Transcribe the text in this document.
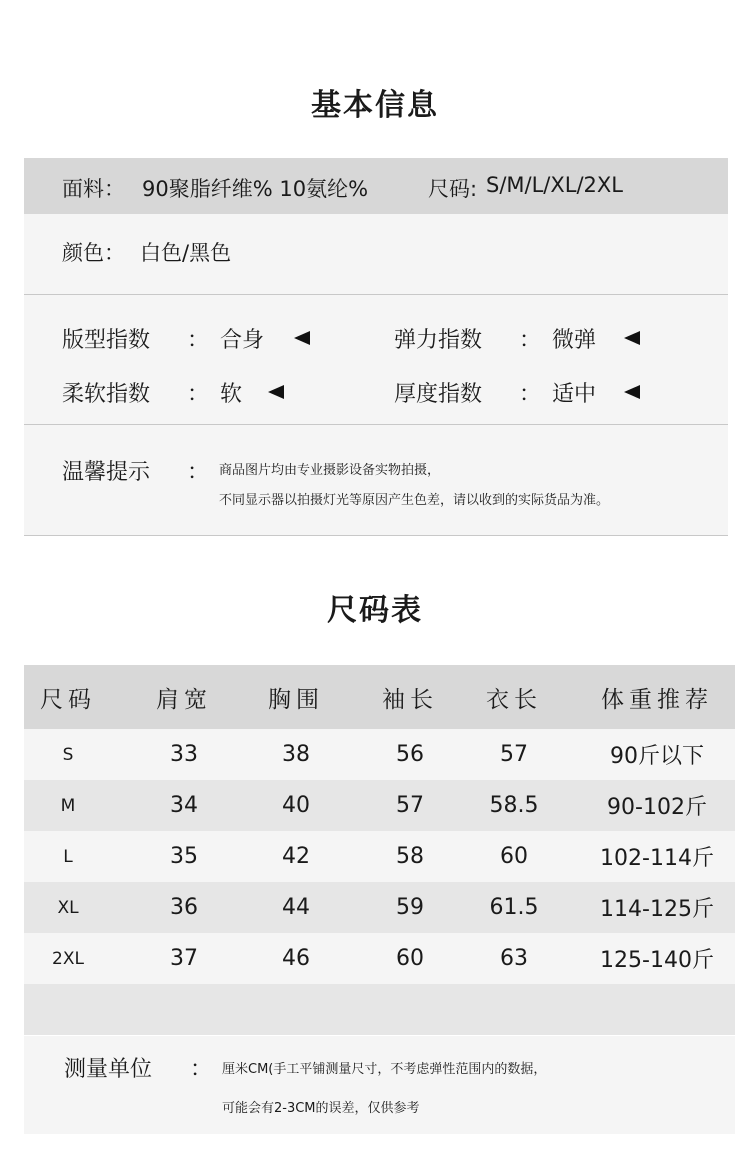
基本信息
面料： 90聚脂纤维% 10氨纶%	尺码: S/M/L/XL/2XL
颜色： 白色/黑色
版型指数 ： 合身	弹力指数 ： 微弹
柔软指数 ： 软	厚度指数 ： 适中
温馨提示 ： 商品图片均由专业摄影设备实物拍摄，
不同显示器以拍摄灯光等原因产生色差，请以收到的实际货品为准。
尺码表
尺码	肩宽	胸围	袖长	衣长	体重推荐
S	33	38	56	57	90斤以下
M	34	40	57	58.5	90-102斤
L	35	42	58	60	102-114斤
XL	36	44	59	61.5	114-125斤
2XL	37	46	60	63	125-140斤
测量单位 ： 厘米CM(手工平铺测量尺寸，不考虑弹性范围内的数据，
可能会有2-3CM的误差，仅供参考
